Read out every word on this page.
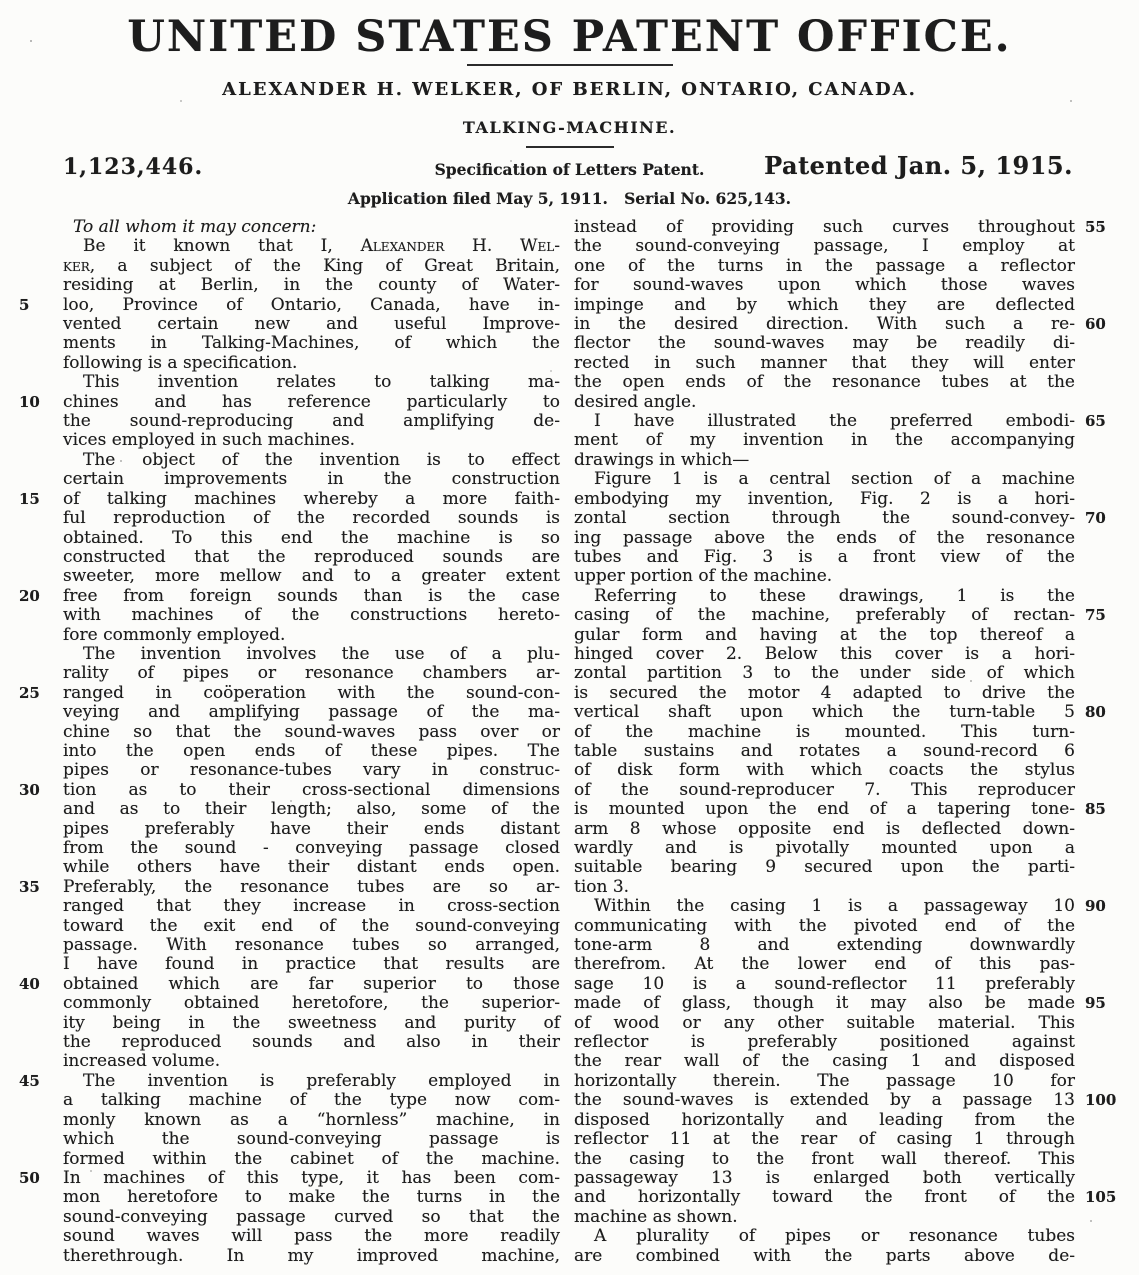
UNITED STATES PATENT OFFICE.
ALEXANDER H. WELKER, OF BERLIN, ONTARIO, CANADA.
TALKING-MACHINE.
1,123,446.	Specification of Letters Patent.	Patented Jan. 5, 1915.
Application filed May 5, 1911.   Serial No. 625,143.
To all whom it may concern:
Be it known that I, Alexander H. Wel-
ker, a subject of the King of Great Britain,
residing at Berlin, in the county of Water-
5	loo, Province of Ontario, Canada, have in-
vented certain new and useful Improve-
ments in Talking-Machines, of which the
following is a specification.
This invention relates to talking ma-
10	chines and has reference particularly to
the sound-reproducing and amplifying de-
vices employed in such machines.
The object of the invention is to effect
certain improvements in the construction
15	of talking machines whereby a more faith-
ful reproduction of the recorded sounds is
obtained. To this end the machine is so
constructed that the reproduced sounds are
sweeter, more mellow and to a greater extent
20	free from foreign sounds than is the case
with machines of the constructions hereto-
fore commonly employed.
The invention involves the use of a plu-
rality of pipes or resonance chambers ar-
25	ranged in coöperation with the sound-con-
veying and amplifying passage of the ma-
chine so that the sound-waves pass over or
into the open ends of these pipes. The
pipes or resonance-tubes vary in construc-
30	tion as to their cross-sectional dimensions
and as to their length; also, some of the
pipes preferably have their ends distant
from the sound - conveying passage closed
while others have their distant ends open.
35	Preferably, the resonance tubes are so ar-
ranged that they increase in cross-section
toward the exit end of the sound-conveying
passage. With resonance tubes so arranged,
I have found in practice that results are
40	obtained which are far superior to those
commonly obtained heretofore, the superior-
ity being in the sweetness and purity of
the reproduced sounds and also in their
increased volume.
45	The invention is preferably employed in
a talking machine of the type now com-
monly known as a “hornless” machine, in
which the sound-conveying passage is
formed within the cabinet of the machine.
50	In machines of this type, it has been com-
mon heretofore to make the turns in the
sound-conveying passage curved so that the
sound waves will pass the more readily
therethrough. In my improved machine,
55
instead of providing such curves throughout
the sound-conveying passage, I employ at
one of the turns in the passage a reflector
for sound-waves upon which those waves
impinge and by which they are deflected
60
in the desired direction. With such a re-
flector the sound-waves may be readily di-
rected in such manner that they will enter
the open ends of the resonance tubes at the
desired angle.
65
I have illustrated the preferred embodi-
ment of my invention in the accompanying
drawings in which—
Figure 1 is a central section of a machine
embodying my invention, Fig. 2 is a hori-
70
zontal section through the sound-convey-
ing passage above the ends of the resonance
tubes and Fig. 3 is a front view of the
upper portion of the machine.
Referring to these drawings, 1 is the
75
casing of the machine, preferably of rectan-
gular form and having at the top thereof a
hinged cover 2. Below this cover is a hori-
zontal partition 3 to the under side of which
is secured the motor 4 adapted to drive the
80
vertical shaft upon which the turn-table 5
of the machine is mounted. This turn-
table sustains and rotates a sound-record 6
of disk form with which coacts the stylus
of the sound-reproducer 7. This reproducer
85
is mounted upon the end of a tapering tone-
arm 8 whose opposite end is deflected down-
wardly and is pivotally mounted upon a
suitable bearing 9 secured upon the parti-
tion 3.
90
Within the casing 1 is a passageway 10
communicating with the pivoted end of the
tone-arm 8 and extending downwardly
therefrom. At the lower end of this pas-
sage 10 is a sound-reflector 11 preferably
95
made of glass, though it may also be made
of wood or any other suitable material. This
reflector is preferably positioned against
the rear wall of the casing 1 and disposed
horizontally therein. The passage 10 for
100
the sound-waves is extended by a passage 13
disposed horizontally and leading from the
reflector 11 at the rear of casing 1 through
the casing to the front wall thereof. This
passageway 13 is enlarged both vertically
105
and horizontally toward the front of the
machine as shown.
A plurality of pipes or resonance tubes
are combined with the parts above de-
